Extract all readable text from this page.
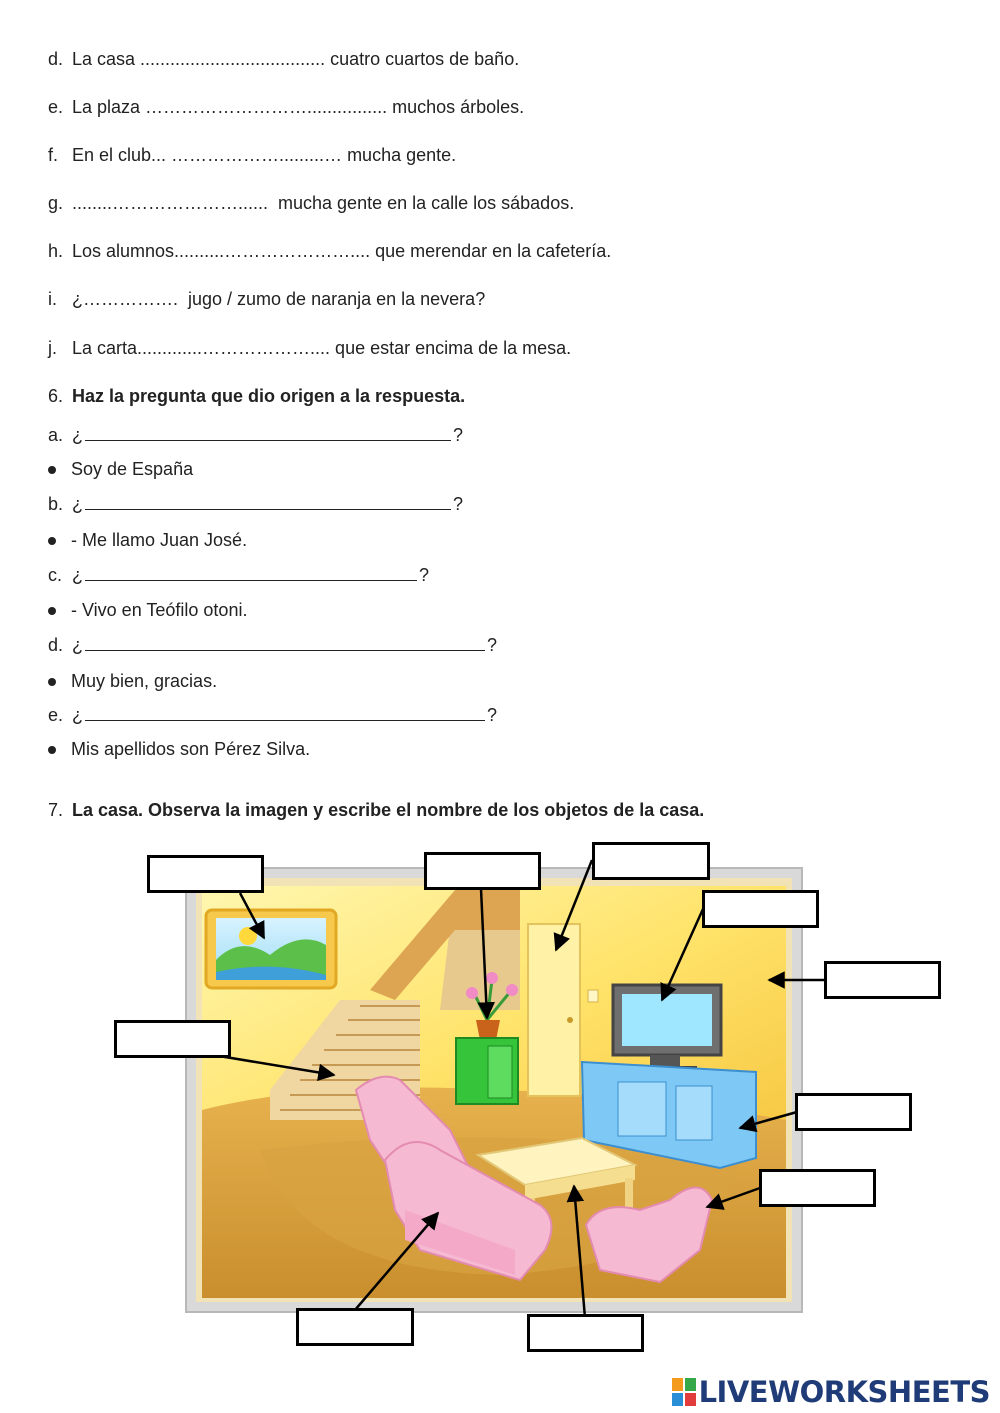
d. La casa ..................................... cuatro cuartos de baño.
e. La plaza ………………………................ muchos árboles.
f. En el club... ……………….........… mucha gente.
g. ........…………………......  mucha gente en la calle los sábados.
h. Los alumnos..........………………….... que merendar en la cafetería.
i. ¿…………….  jugo / zumo de naranja en la nevera?
j. La carta.............……………….... que estar encima de la mesa.
6. Haz la pregunta que dio origen a la respuesta.
a. ¿	?
Soy de España
b. ¿	?
- Me llamo Juan José.
c. ¿	?
- Vivo en Teófilo otoni.
d. ¿	?
Muy bien, gracias.
e. ¿	?
Mis apellidos son Pérez Silva.
7. La casa. Observa la imagen y escribe el nombre de los objetos de la casa.
LIVEWORKSHEETS
